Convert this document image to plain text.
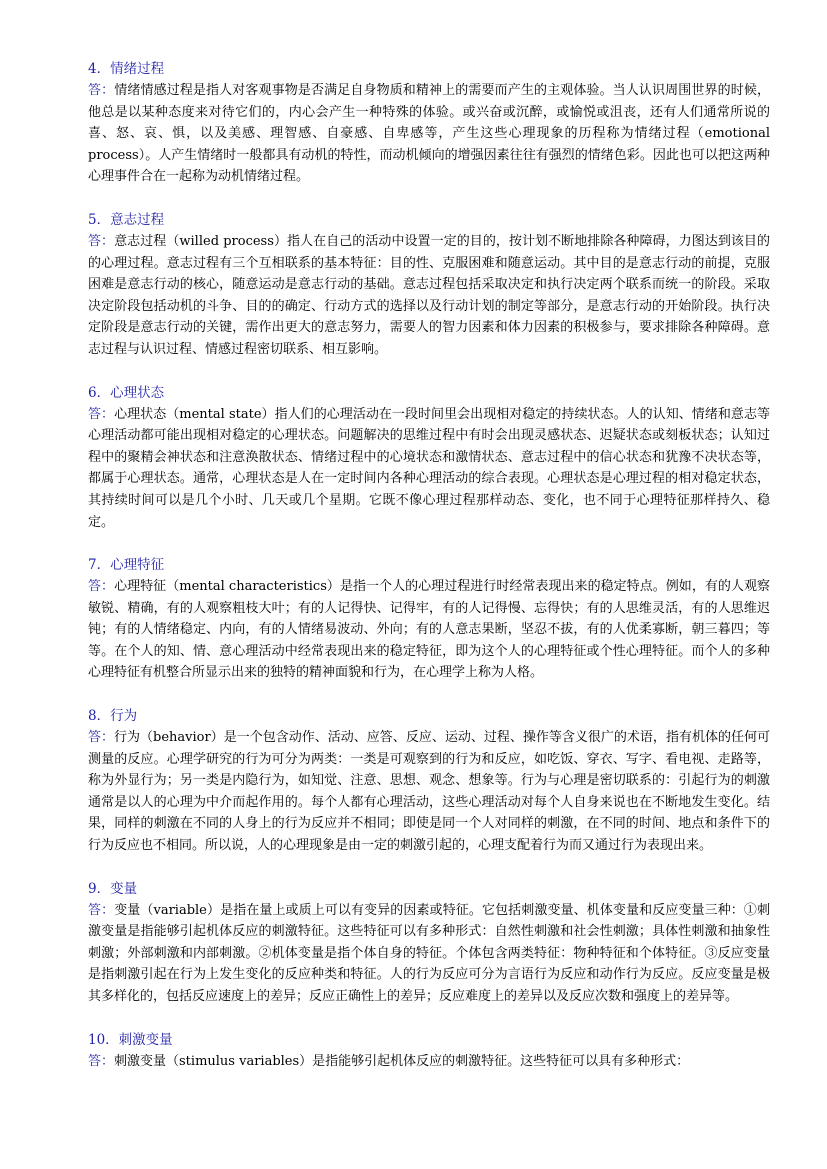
4．情绪过程

答：情绪情感过程是指人对客观事物是否满足自身物质和精神上的需要而产生的主观体验。当人认识周围世界的时候，他总是以某种态度来对待它们的，内心会产生一种特殊的体验。或兴奋或沉醉，或愉悦或沮丧，还有人们通常所说的喜、怒、哀、惧，以及美感、理智感、自豪感、自卑感等，产生这些心理现象的历程称为情绪过程（emotional process）。人产生情绪时一般都具有动机的特性，而动机倾向的增强因素往往有强烈的情绪色彩。因此也可以把这两种心理事件合在一起称为动机情绪过程。

5．意志过程

答：意志过程（willed process）指人在自己的活动中设置一定的目的，按计划不断地排除各种障碍，力图达到该目的的心理过程。意志过程有三个互相联系的基本特征：目的性、克服困难和随意运动。其中目的是意志行动的前提，克服困难是意志行动的核心，随意运动是意志行动的基础。意志过程包括采取决定和执行决定两个联系而统一的阶段。采取决定阶段包括动机的斗争、目的的确定、行动方式的选择以及行动计划的制定等部分，是意志行动的开始阶段。执行决定阶段是意志行动的关键，需作出更大的意志努力，需要人的智力因素和体力因素的积极参与，要求排除各种障碍。意志过程与认识过程、情感过程密切联系、相互影响。

6．心理状态

答：心理状态（mental state）指人们的心理活动在一段时间里会出现相对稳定的持续状态。人的认知、情绪和意志等心理活动都可能出现相对稳定的心理状态。问题解决的思维过程中有时会出现灵感状态、迟疑状态或刻板状态；认知过程中的聚精会神状态和注意涣散状态、情绪过程中的心境状态和激情状态、意志过程中的信心状态和犹豫不决状态等，都属于心理状态。通常，心理状态是人在一定时间内各种心理活动的综合表现。心理状态是心理过程的相对稳定状态，其持续时间可以是几个小时、几天或几个星期。它既不像心理过程那样动态、变化，也不同于心理特征那样持久、稳定。

7．心理特征

答：心理特征（mental characteristics）是指一个人的心理过程进行时经常表现出来的稳定特点。例如，有的人观察敏锐、精确，有的人观察粗枝大叶；有的人记得快、记得牢，有的人记得慢、忘得快；有的人思维灵活，有的人思维迟钝；有的人情绪稳定、内向，有的人情绪易波动、外向；有的人意志果断，坚忍不拔，有的人优柔寡断，朝三暮四；等等。在个人的知、情、意心理活动中经常表现出来的稳定特征，即为这个人的心理特征或个性心理特征。而个人的多种心理特征有机整合所显示出来的独特的精神面貌和行为，在心理学上称为人格。

8．行为

答：行为（behavior）是一个包含动作、活动、应答、反应、运动、过程、操作等含义很广的术语，指有机体的任何可测量的反应。心理学研究的行为可分为两类：一类是可观察到的行为和反应，如吃饭、穿衣、写字、看电视、走路等，称为外显行为；另一类是内隐行为，如知觉、注意、思想、观念、想象等。行为与心理是密切联系的：引起行为的刺激通常是以人的心理为中介而起作用的。每个人都有心理活动，这些心理活动对每个人自身来说也在不断地发生变化。结果，同样的刺激在不同的人身上的行为反应并不相同；即使是同一个人对同样的刺激，在不同的时间、地点和条件下的行为反应也不相同。所以说，人的心理现象是由一定的刺激引起的，心理支配着行为而又通过行为表现出来。

9．变量

答：变量（variable）是指在量上或质上可以有变异的因素或特征。它包括刺激变量、机体变量和反应变量三种：①刺激变量是指能够引起机体反应的刺激特征。这些特征可以有多种形式：自然性刺激和社会性刺激；具体性刺激和抽象性刺激；外部刺激和内部刺激。②机体变量是指个体自身的特征。个体包含两类特征：物种特征和个体特征。③反应变量是指刺激引起在行为上发生变化的反应种类和特征。人的行为反应可分为言语行为反应和动作行为反应。反应变量是极其多样化的，包括反应速度上的差异；反应正确性上的差异；反应难度上的差异以及反应次数和强度上的差异等。

10．刺激变量

答：刺激变量（stimulus variables）是指能够引起机体反应的刺激特征。这些特征可以具有多种形式：
